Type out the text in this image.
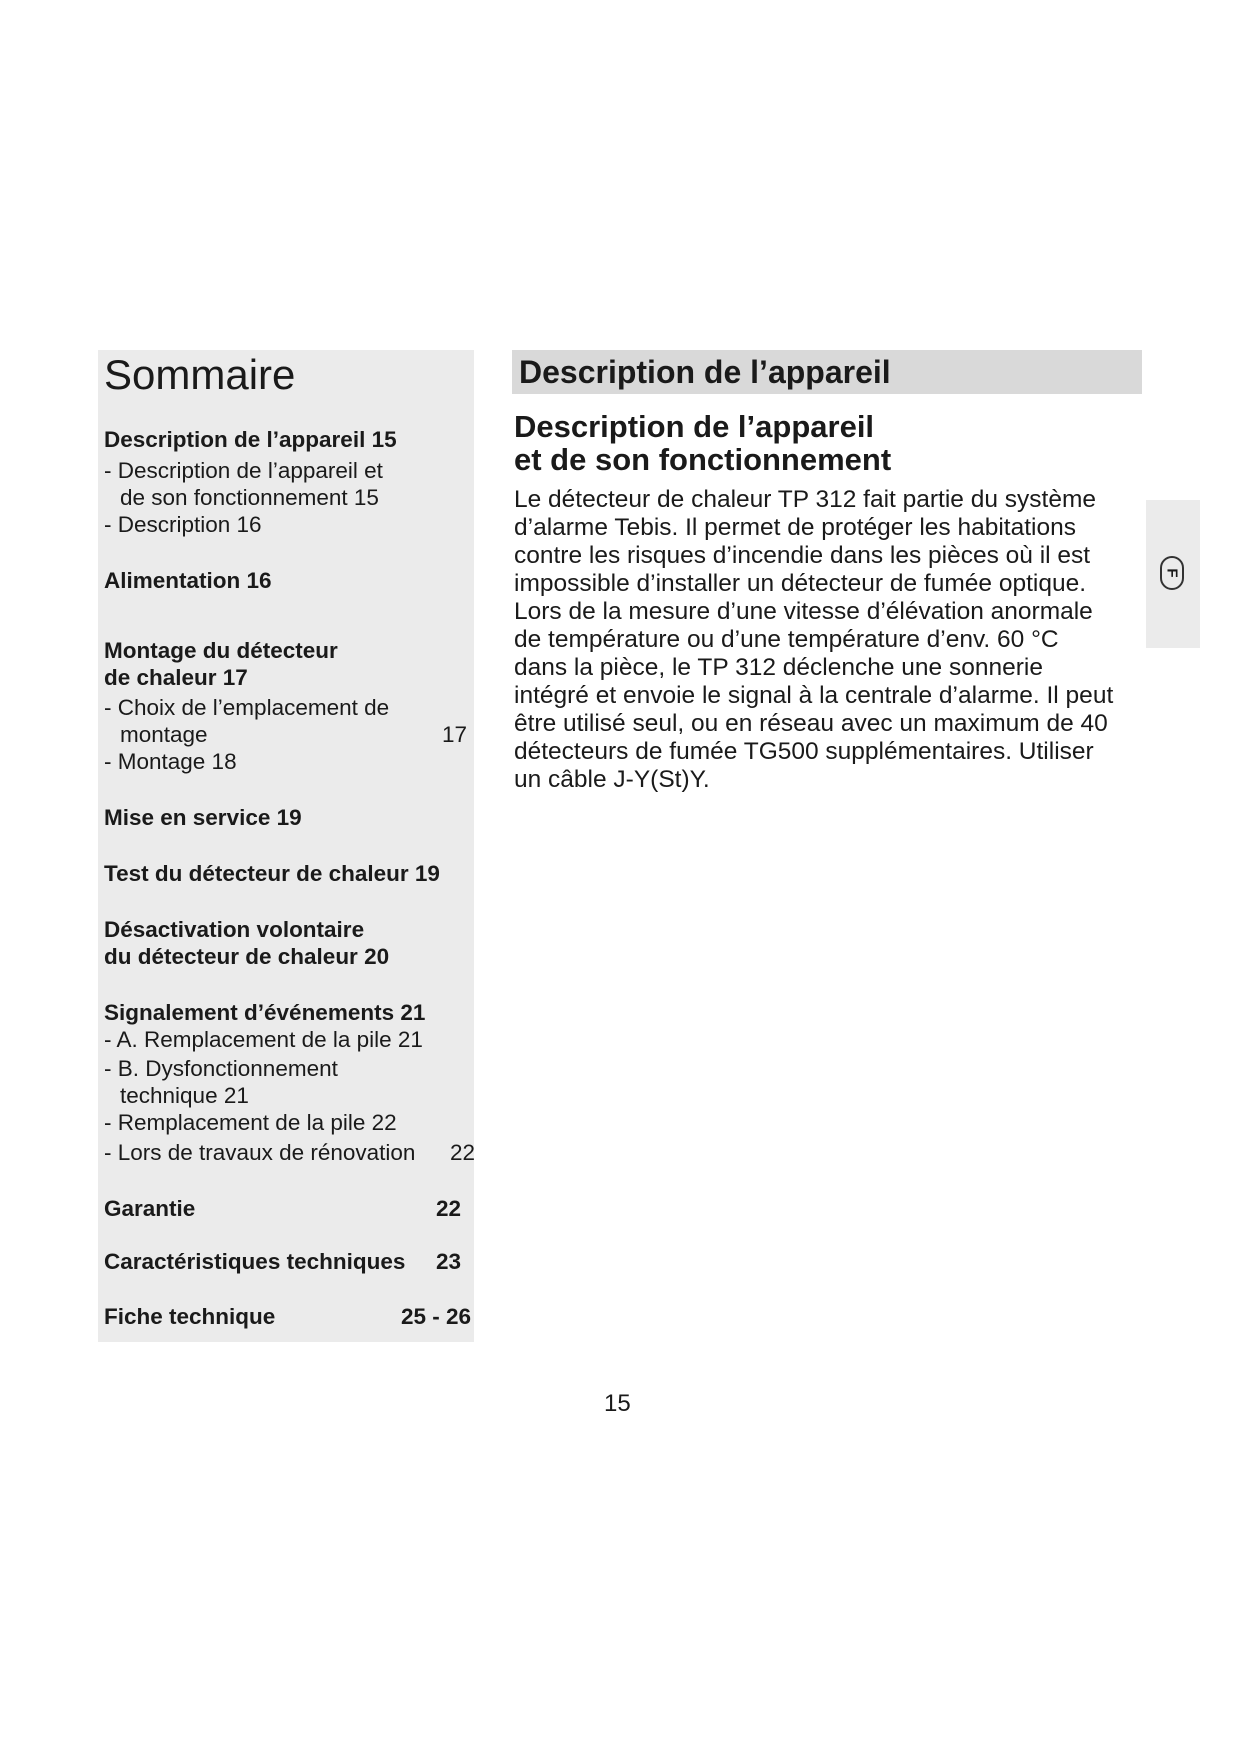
Sommaire
Description de l’appareil 15
- Description de l’appareil et
de son fonctionnement 15
- Description 16
Alimentation 16
Montage du détecteur
de chaleur 17
- Choix de l’emplacement de
montage	17
- Montage 18
Mise en service 19
Test du détecteur de chaleur 19
Désactivation volontaire
du détecteur de chaleur 20
Signalement d’événements 21
- A. Remplacement de la pile 21
- B. Dysfonctionnement
technique 21
- Remplacement de la pile 22
- Lors de travaux de rénovation 22
Garantie	22
Caractéristiques techniques 23
Fiche technique	25 - 26
Description de l’appareil
Description de l’appareil
et de son fonctionnement

Le détecteur de chaleur TP 312 fait partie du système
d’alarme Tebis. Il permet de protéger les habitations
contre les risques d’incendie dans les pièces où il est
impossible d’installer un détecteur de fumée optique.
Lors de la mesure d’une vitesse d’élévation anormale
de température ou d’une température d’env. 60 °C
dans la pièce, le TP 312 déclenche une sonnerie
intégré et envoie le signal à la centrale d’alarme. Il peut
être utilisé seul, ou en réseau avec un maximum de 40
détecteurs de fumée TG500 supplémentaires. Utiliser
un câble J-Y(St)Y.

F
15
